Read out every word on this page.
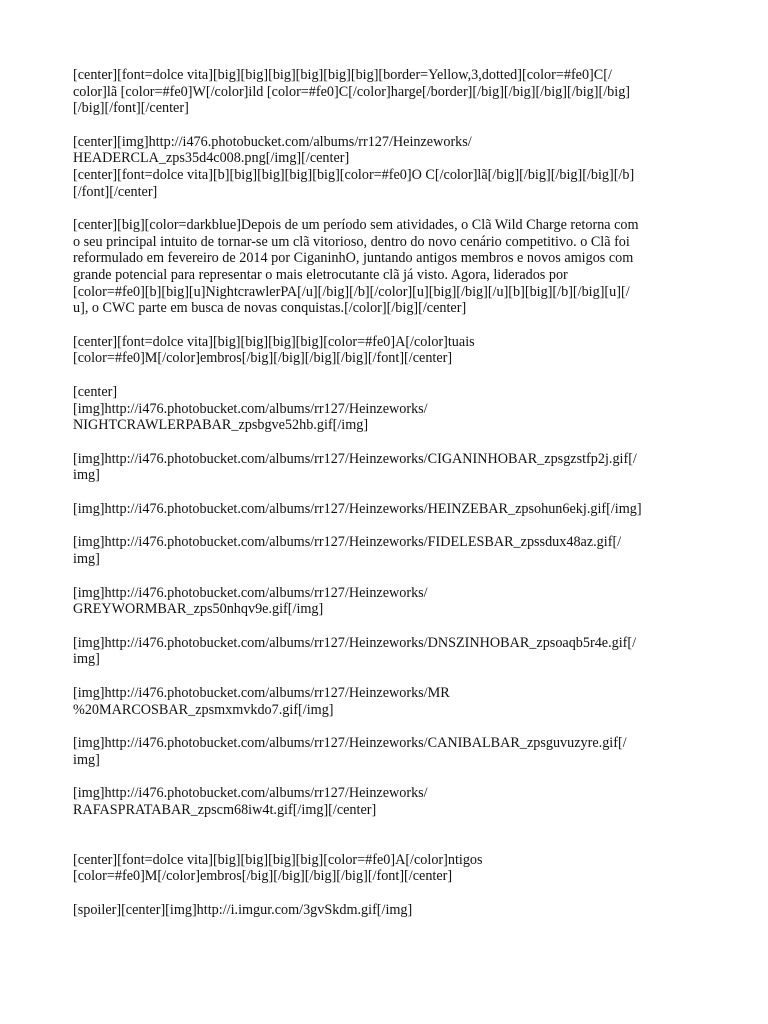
[center][font=dolce vita][big][big][big][big][big][big][border=Yellow,3,dotted][color=#fe0]C[/
color]lã [color=#fe0]W[/color]ild [color=#fe0]C[/color]harge[/border][/big][/big][/big][/big][/big]
[/big][/font][/center]
[center][img]http://i476.photobucket.com/albums/rr127/Heinzeworks/
HEADERCLA_zps35d4c008.png[/img][/center]
[center][font=dolce vita][b][big][big][big][big][color=#fe0]O C[/color]lã[/big][/big][/big][/big][/b]
[/font][/center]
[center][big][color=darkblue]Depois de um período sem atividades, o Clã Wild Charge retorna com
o seu principal intuito de tornar-se um clã vitorioso, dentro do novo cenário competitivo. o Clã foi
reformulado em fevereiro de 2014 por CiganinhO, juntando antigos membros e novos amigos com
grande potencial para representar o mais eletrocutante clã já visto. Agora, liderados por
[color=#fe0][b][big][u]NightcrawlerPA[/u][/big][/b][/color][u][big][/big][/u][b][big][/b][/big][u][/
u], o CWC parte em busca de novas conquistas.[/color][/big][/center]
[center][font=dolce vita][big][big][big][big][color=#fe0]A[/color]tuais
[color=#fe0]M[/color]embros[/big][/big][/big][/big][/font][/center]
[center]
[img]http://i476.photobucket.com/albums/rr127/Heinzeworks/
NIGHTCRAWLERPABAR_zpsbgve52hb.gif[/img]
[img]http://i476.photobucket.com/albums/rr127/Heinzeworks/CIGANINHOBAR_zpsgzstfp2j.gif[/
img]
[img]http://i476.photobucket.com/albums/rr127/Heinzeworks/HEINZEBAR_zpsohun6ekj.gif[/img]
[img]http://i476.photobucket.com/albums/rr127/Heinzeworks/FIDELESBAR_zpssdux48az.gif[/
img]
[img]http://i476.photobucket.com/albums/rr127/Heinzeworks/
GREYWORMBAR_zps50nhqv9e.gif[/img]
[img]http://i476.photobucket.com/albums/rr127/Heinzeworks/DNSZINHOBAR_zpsoaqb5r4e.gif[/
img]
[img]http://i476.photobucket.com/albums/rr127/Heinzeworks/MR
%20MARCOSBAR_zpsmxmvkdo7.gif[/img]
[img]http://i476.photobucket.com/albums/rr127/Heinzeworks/CANIBALBAR_zpsguvuzyre.gif[/
img]
[img]http://i476.photobucket.com/albums/rr127/Heinzeworks/
RAFASPRATABAR_zpscm68iw4t.gif[/img][/center]
[center][font=dolce vita][big][big][big][big][color=#fe0]A[/color]ntigos
[color=#fe0]M[/color]embros[/big][/big][/big][/big][/font][/center]
[spoiler][center][img]http://i.imgur.com/3gvSkdm.gif[/img]
